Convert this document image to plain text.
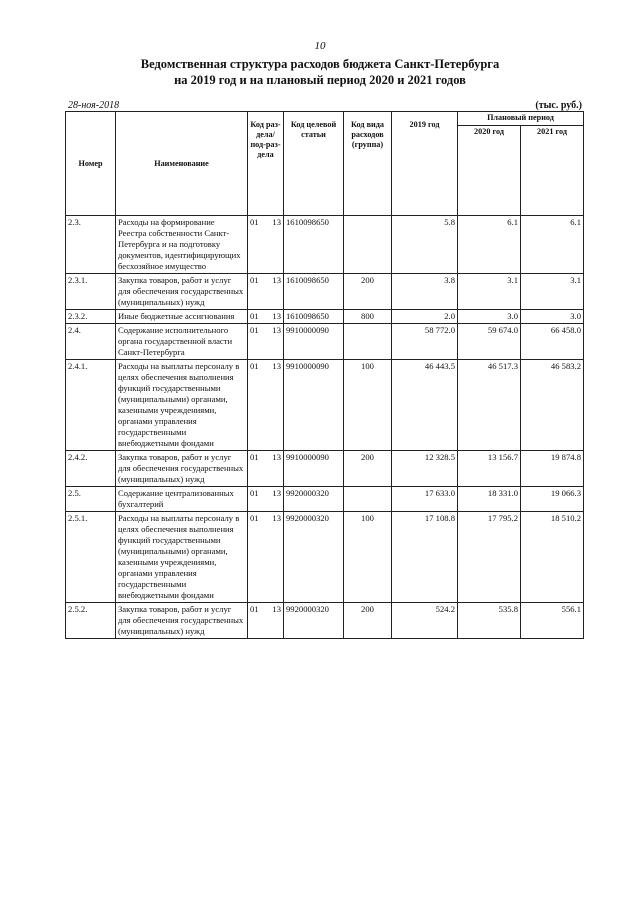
10
Ведомственная структура расходов бюджета Санкт-Петербурга
на 2019 год и на плановый период 2020 и 2021 годов
28-ноя-2018	(тыс. руб.)
Номер	Наименование	Код раз-дела/ под-раз-дела	Код целевой статьи	Код вида расходов (группа)	2019 год	Плановый период	
						2020 год	2021 год
2.3.	Расходы на формирование Реестра собственности Санкт-Петербурга и на подготовку документов, идентифицирующих бесхозяйное имущество	01 13	1610098650		5.8	6.1	6.1
2.3.1.	Закупка товаров, работ и услуг для обеспечения государственных (муниципальных) нужд	01 13	1610098650	200	3.8	3.1	3.1
2.3.2.	Иные бюджетные ассигнования	01 13	1610098650	800	2.0	3.0	3.0
2.4.	Содержание исполнительного органа государственной власти Санкт-Петербурга	01 13	9910000090		58 772.0	59 674.0	66 458.0
2.4.1.	Расходы на выплаты персоналу в целях обеспечения выполнения функций государственными (муниципальными) органами, казенными учреждениями, органами управления государственными внебюджетными фондами	01 13	9910000090	100	46 443.5	46 517.3	46 583.2
2.4.2.	Закупка товаров, работ и услуг для обеспечения государственных (муниципальных) нужд	01 13	9910000090	200	12 328.5	13 156.7	19 874.8
2.5.	Содержание централизованных бухгалтерий	01 13	9920000320		17 633.0	18 331.0	19 066.3
2.5.1.	Расходы на выплаты персоналу в целях обеспечения выполнения функций государственными (муниципальными) органами, казенными учреждениями, органами управления государственными внебюджетными фондами	01 13	9920000320	100	17 108.8	17 795.2	18 510.2
2.5.2.	Закупка товаров, работ и услуг для обеспечения государственных (муниципальных) нужд	01 13	9920000320	200	524.2	535.8	556.1
